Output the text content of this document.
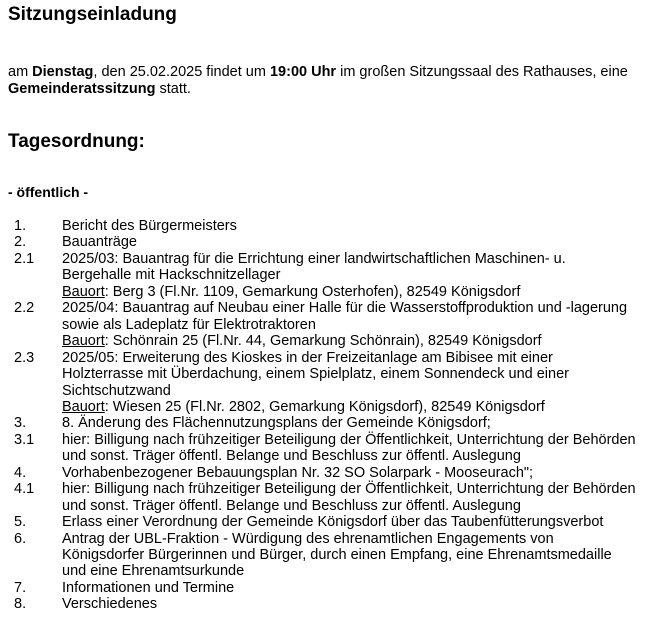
Sitzungseinladung
am Dienstag, den 25.02.2025 findet um 19:00 Uhr im großen Sitzungssaal des Rathauses, eine
Gemeinderatssitzung statt.
Tagesordnung:
- öffentlich -
1. Bericht des Bürgermeisters
2. Bauanträge
2.1 2025/03: Bauantrag für die Errichtung einer landwirtschaftlichen Maschinen- u.
Bergehalle mit Hackschnitzellager
Bauort: Berg 3 (Fl.Nr. 1109, Gemarkung Osterhofen), 82549 Königsdorf
2.2 2025/04: Bauantrag auf Neubau einer Halle für die Wasserstoffproduktion und -lagerung
sowie als Ladeplatz für Elektrotraktoren
Bauort: Schönrain 25 (Fl.Nr. 44, Gemarkung Schönrain), 82549 Königsdorf
2.3 2025/05: Erweiterung des Kioskes in der Freizeitanlage am Bibisee mit einer
Holzterrasse mit Überdachung, einem Spielplatz, einem Sonnendeck und einer
Sichtschutzwand
Bauort: Wiesen 25 (Fl.Nr. 2802, Gemarkung Königsdorf), 82549 Königsdorf
3. 8. Änderung des Flächennutzungsplans der Gemeinde Königsdorf;
3.1 hier: Billigung nach frühzeitiger Beteiligung der Öffentlichkeit, Unterrichtung der Behörden
und sonst. Träger öffentl. Belange und Beschluss zur öffentl. Auslegung
4. Vorhabenbezogener Bebauungsplan Nr. 32 SO Solarpark - Mooseurach";
4.1 hier: Billigung nach frühzeitiger Beteiligung der Öffentlichkeit, Unterrichtung der Behörden
und sonst. Träger öffentl. Belange und Beschluss zur öffentl. Auslegung
5. Erlass einer Verordnung der Gemeinde Königsdorf über das Taubenfütterungsverbot
6. Antrag der UBL-Fraktion - Würdigung des ehrenamtlichen Engagements von
Königsdorfer Bürgerinnen und Bürger, durch einen Empfang, eine Ehrenamtsmedaille
und eine Ehrenamtsurkunde
7. Informationen und Termine
8. Verschiedenes
